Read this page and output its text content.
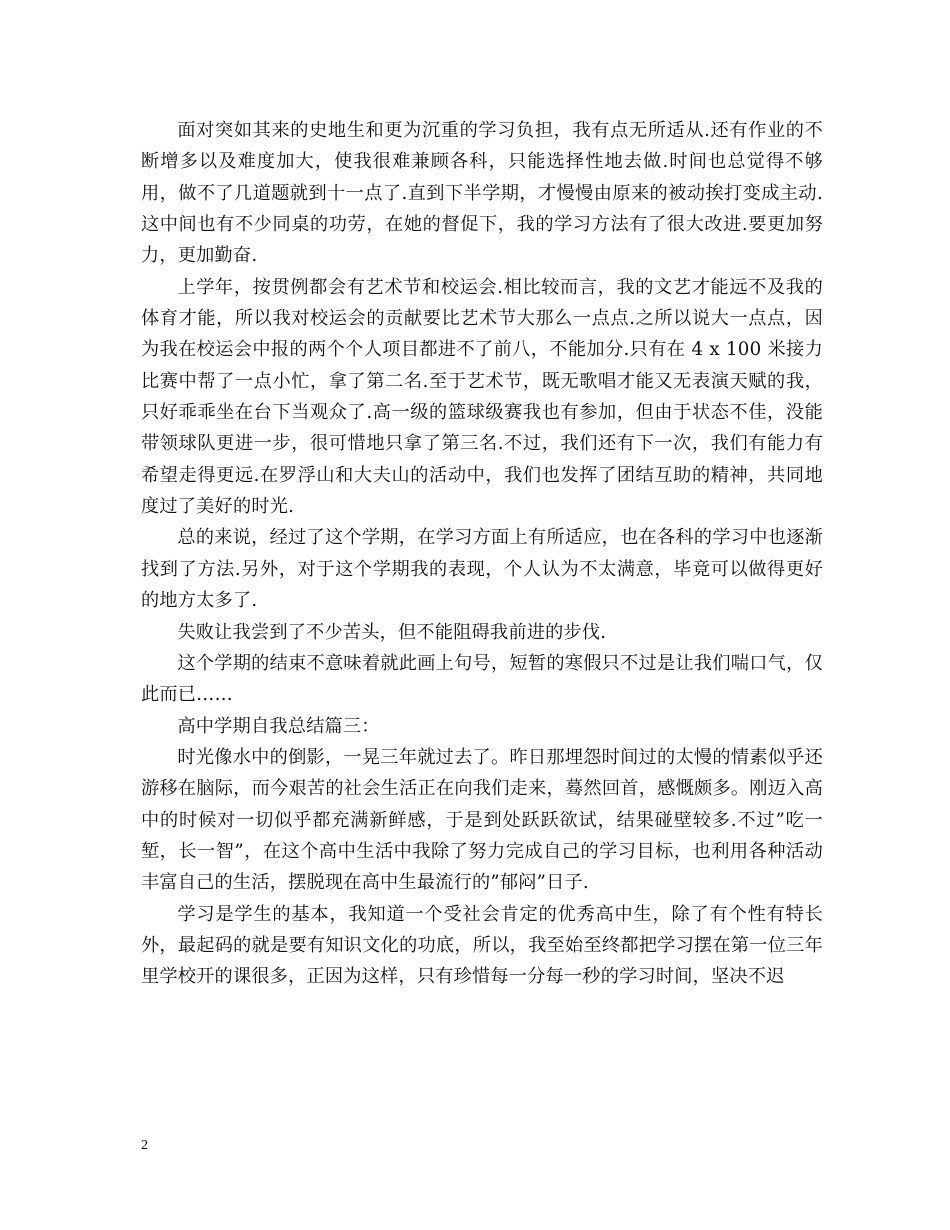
面对突如其来的史地生和更为沉重的学习负担，我有点无所适从.还有作业的不断增多以及难度加大，使我很难兼顾各科，只能选择性地去做.时间也总觉得不够用，做不了几道题就到十一点了.直到下半学期，才慢慢由原来的被动挨打变成主动.这中间也有不少同桌的功劳，在她的督促下，我的学习方法有了很大改进.要更加努力，更加勤奋.

上学年，按贯例都会有艺术节和校运会.相比较而言，我的文艺才能远不及我的体育才能，所以我对校运会的贡献要比艺术节大那么一点点.之所以说大一点点，因为我在校运会中报的两个个人项目都进不了前八，不能加分.只有在 4 x 100 米接力比赛中帮了一点小忙，拿了第二名.至于艺术节，既无歌唱才能又无表演天赋的我，只好乖乖坐在台下当观众了.高一级的篮球级赛我也有参加，但由于状态不佳，没能带领球队更进一步，很可惜地只拿了第三名.不过，我们还有下一次，我们有能力有希望走得更远.在罗浮山和大夫山的活动中，我们也发挥了团结互助的精神，共同地度过了美好的时光.

总的来说，经过了这个学期，在学习方面上有所适应，也在各科的学习中也逐渐找到了方法.另外，对于这个学期我的表现，个人认为不太满意，毕竟可以做得更好的地方太多了.

失败让我尝到了不少苦头，但不能阻碍我前进的步伐.

这个学期的结束不意味着就此画上句号，短暂的寒假只不过是让我们喘口气，仅此而已……

高中学期自我总结篇三：

时光像水中的倒影，一晃三年就过去了。昨日那埋怨时间过的太慢的情素似乎还游移在脑际，而今艰苦的社会生活正在向我们走来，蓦然回首，感慨颇多。刚迈入高中的时候对一切似乎都充满新鲜感，于是到处跃跃欲试，结果碰壁较多.不过”吃一堑，长一智”，在这个高中生活中我除了努力完成自己的学习目标，也利用各种活动丰富自己的生活，摆脱现在高中生最流行的”郁闷”日子.

学习是学生的基本，我知道一个受社会肯定的优秀高中生，除了有个性有特长外，最起码的就是要有知识文化的功底，所以，我至始至终都把学习摆在第一位三年里学校开的课很多，正因为这样，只有珍惜每一分每一秒的学习时间，坚决不迟

2
